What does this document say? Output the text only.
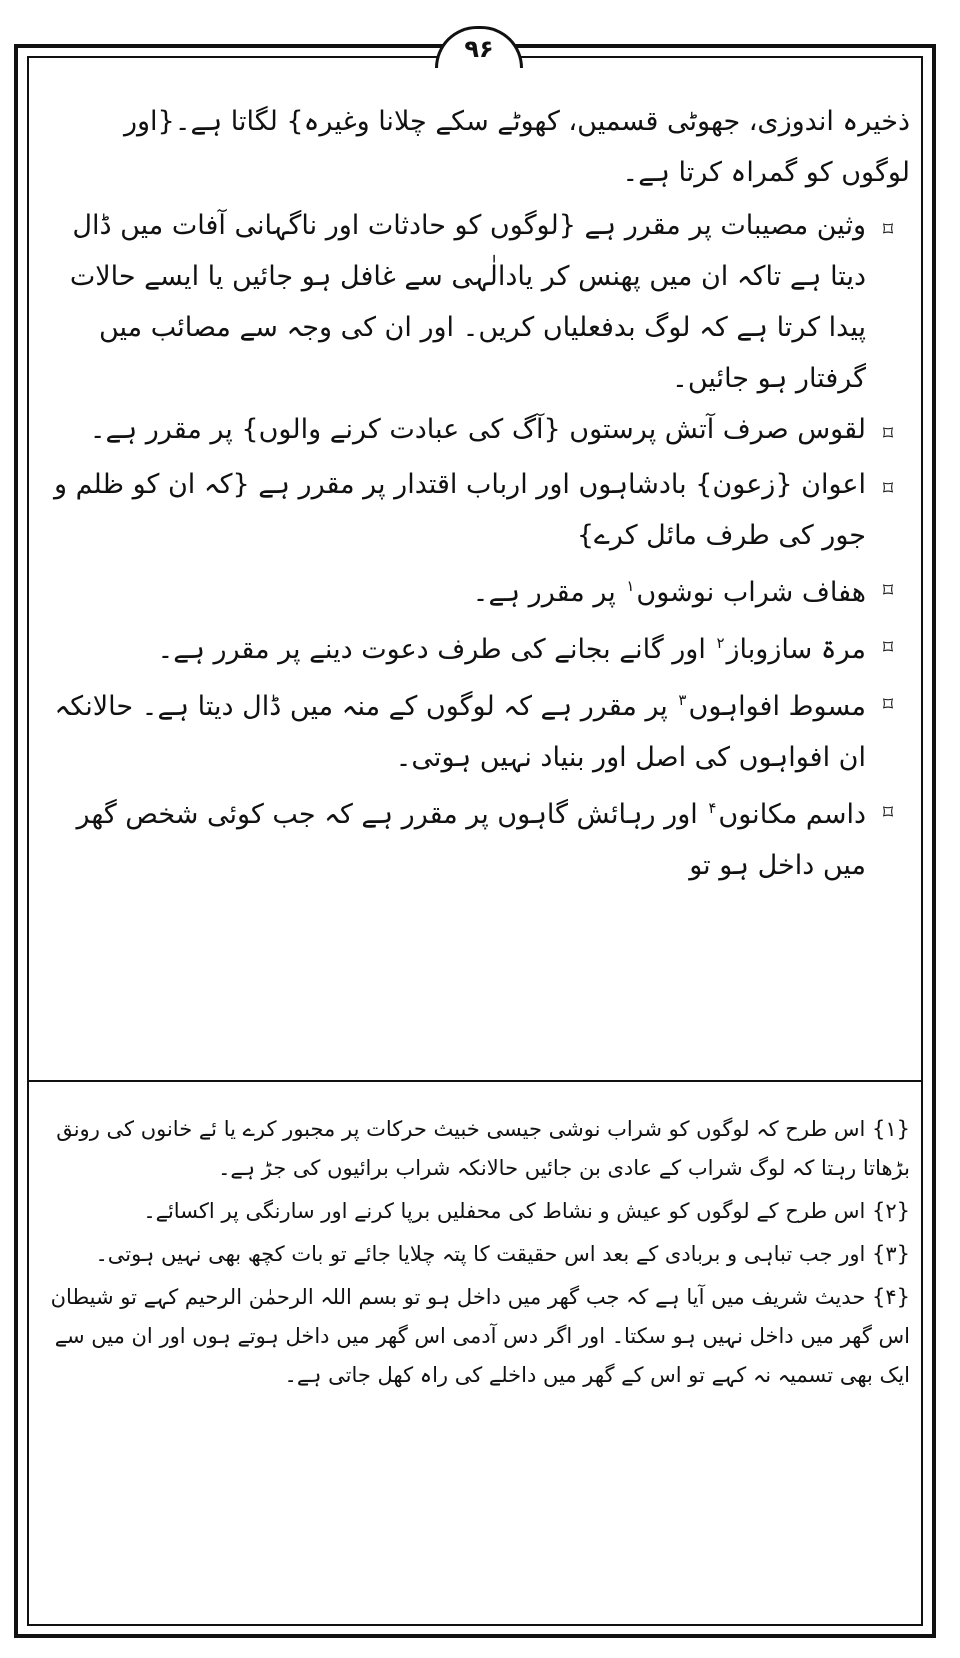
۹۶

ذخیرہ اندوزی، جھوٹی قسمیں، کھوٹے سکے چلانا وغیرہ} لگاتا ہے۔{اور لوگوں کو گمراہ کرتا ہے۔

⌑
وثین مصیبات پر مقرر ہے {لوگوں کو حادثات اور ناگہانی آفات میں ڈال دیتا ہے تاکہ ان میں پھنس کر یادالٰہی سے غافل ہو جائیں یا ایسے حالات پیدا کرتا ہے کہ لوگ بدفعلیاں کریں۔ اور ان کی وجہ سے مصائب میں گرفتار ہو جائیں۔
⌑
لقوس صرف آتش پرستوں {آگ کی عبادت کرنے والوں} پر مقرر ہے۔
⌑
اعوان {زعون} بادشاہوں اور ارباب اقتدار پر مقرر ہے {کہ ان کو ظلم و جور کی طرف مائل کرے}
⌑
هفاف شراب نوشوں$^۱$ پر مقرر ہے۔
⌑
مرۃ سازوباز$^۲$ اور گانے بجانے کی طرف دعوت دینے پر مقرر ہے۔
⌑
مسوط افواہوں$^۳$ پر مقرر ہے کہ لوگوں کے منہ میں ڈال دیتا ہے۔ حالانکہ ان افواہوں کی اصل اور بنیاد نہیں ہوتی۔
⌑
داسم مکانوں$^۴$ اور رہائش گاہوں پر مقرر ہے کہ جب کوئی شخص گھر میں داخل ہو تو

{۱} اس طرح کہ لوگوں کو شراب نوشی جیسی خبیث حرکات پر مجبور کرے یا ئے خانوں کی رونق بڑھاتا رہتا کہ لوگ شراب کے عادی بن جائیں حالانکہ شراب برائیوں کی جڑ ہے۔

{۲} اس طرح کے لوگوں کو عیش و نشاط کی محفلیں برپا کرنے اور سارنگی پر اکسائے۔

{۳} اور جب تباہی و بربادی کے بعد اس حقیقت کا پتہ چلایا جائے تو بات کچھ بھی نہیں ہوتی۔

{۴} حدیث شریف میں آیا ہے کہ جب گھر میں داخل ہو تو بسم اللہ الرحمٰن الرحیم کہے تو شیطان اس گھر میں داخل نہیں ہو سکتا۔ اور اگر دس آدمی اس گھر میں داخل ہوتے ہوں اور ان میں سے ایک بھی تسمیہ نہ کہے تو اس کے گھر میں داخلے کی راہ کھل جاتی ہے۔
